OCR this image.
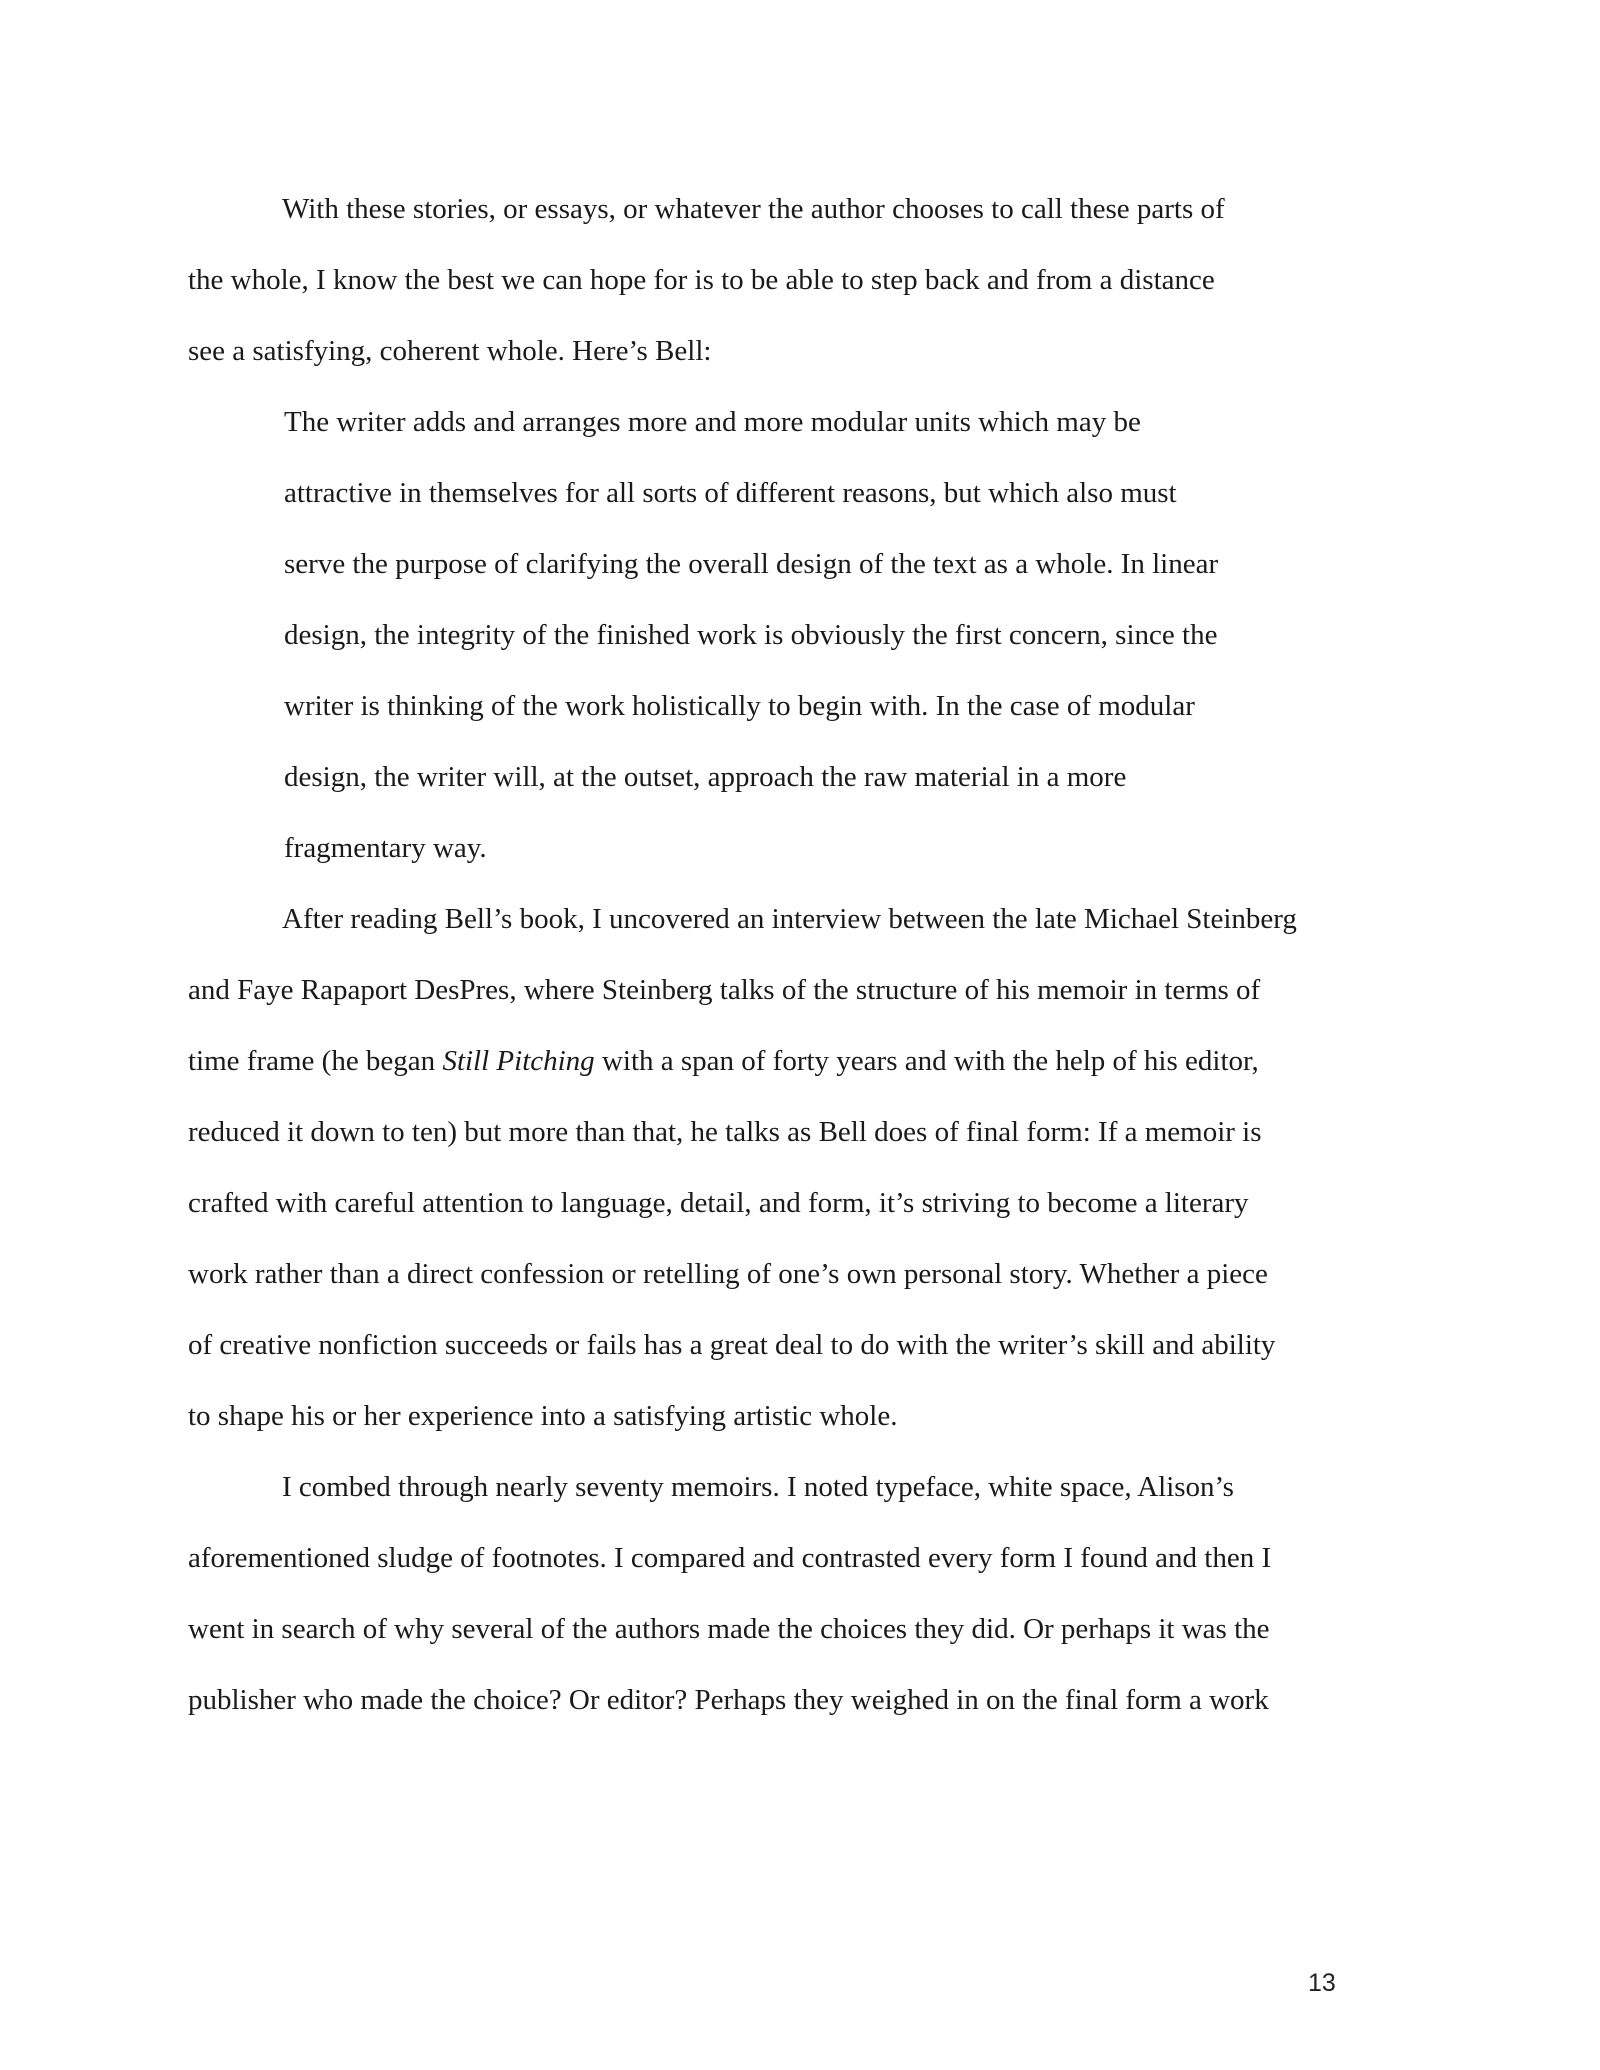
With these stories, or essays, or whatever the author chooses to call these parts of
the whole, I know the best we can hope for is to be able to step back and from a distance
see a satisfying, coherent whole. Here’s Bell:
The writer adds and arranges more and more modular units which may be
attractive in themselves for all sorts of different reasons, but which also must
serve the purpose of clarifying the overall design of the text as a whole. In linear
design, the integrity of the finished work is obviously the first concern, since the
writer is thinking of the work holistically to begin with. In the case of modular
design, the writer will, at the outset, approach the raw material in a more
fragmentary way.
After reading Bell’s book, I uncovered an interview between the late Michael Steinberg
and Faye Rapaport DesPres, where Steinberg talks of the structure of his memoir in terms of
time frame (he began Still Pitching with a span of forty years and with the help of his editor,
reduced it down to ten) but more than that, he talks as Bell does of final form: If a memoir is
crafted with careful attention to language, detail, and form, it’s striving to become a literary
work rather than a direct confession or retelling of one’s own personal story. Whether a piece
of creative nonfiction succeeds or fails has a great deal to do with the writer’s skill and ability
to shape his or her experience into a satisfying artistic whole.
I combed through nearly seventy memoirs. I noted typeface, white space, Alison’s
aforementioned sludge of footnotes. I compared and contrasted every form I found and then I
went in search of why several of the authors made the choices they did. Or perhaps it was the
publisher who made the choice? Or editor? Perhaps they weighed in on the final form a work
13
